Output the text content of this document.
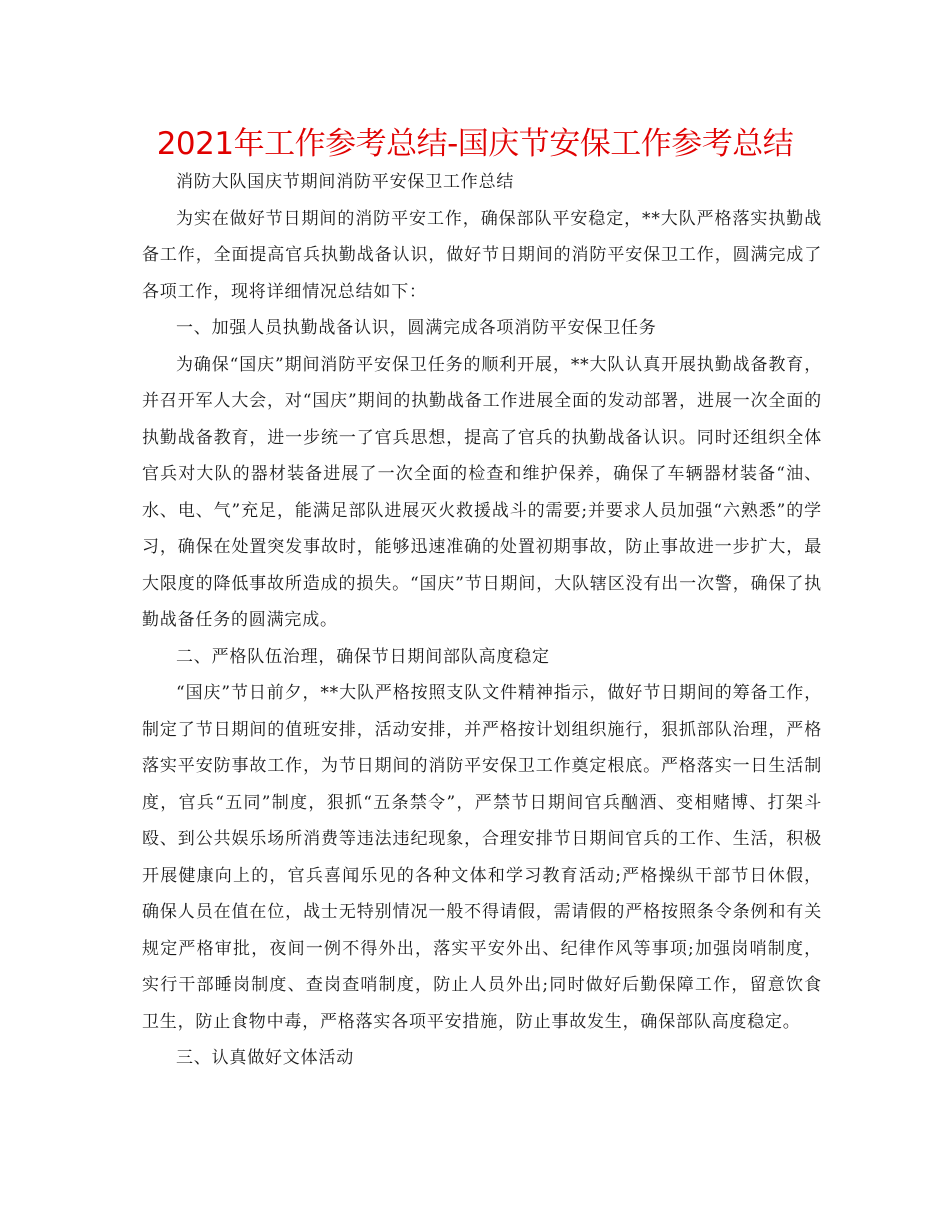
2021年工作参考总结-国庆节安保工作参考总结

消防大队国庆节期间消防平安保卫工作总结

为实在做好节日期间的消防平安工作，确保部队平安稳定，**大队严格落实执勤战备工作，全面提高官兵执勤战备认识，做好节日期间的消防平安保卫工作，圆满完成了各项工作，现将详细情况总结如下：

一、加强人员执勤战备认识，圆满完成各项消防平安保卫任务

为确保“国庆”期间消防平安保卫任务的顺利开展，**大队认真开展执勤战备教育，并召开军人大会，对“国庆”期间的执勤战备工作进展全面的发动部署，进展一次全面的执勤战备教育，进一步统一了官兵思想，提高了官兵的执勤战备认识。同时还组织全体官兵对大队的器材装备进展了一次全面的检查和维护保养，确保了车辆器材装备“油、水、电、气”充足，能满足部队进展灭火救援战斗的需要;并要求人员加强“六熟悉”的学习，确保在处置突发事故时，能够迅速准确的处置初期事故，防止事故进一步扩大，最大限度的降低事故所造成的损失。“国庆”节日期间，大队辖区没有出一次警，确保了执勤战备任务的圆满完成。

二、严格队伍治理，确保节日期间部队高度稳定

“国庆”节日前夕，**大队严格按照支队文件精神指示，做好节日期间的筹备工作，制定了节日期间的值班安排，活动安排，并严格按计划组织施行，狠抓部队治理，严格落实平安防事故工作，为节日期间的消防平安保卫工作奠定根底。严格落实一日生活制度，官兵“五同”制度，狠抓“五条禁令”，严禁节日期间官兵酗酒、变相赌博、打架斗殴、到公共娱乐场所消费等违法违纪现象，合理安排节日期间官兵的工作、生活，积极开展健康向上的，官兵喜闻乐见的各种文体和学习教育活动;严格操纵干部节日休假，确保人员在值在位，战士无特别情况一般不得请假，需请假的严格按照条令条例和有关规定严格审批，夜间一例不得外出，落实平安外出、纪律作风等事项;加强岗哨制度，实行干部睡岗制度、查岗查哨制度，防止人员外出;同时做好后勤保障工作，留意饮食卫生，防止食物中毒，严格落实各项平安措施，防止事故发生，确保部队高度稳定。

三、认真做好文体活动
